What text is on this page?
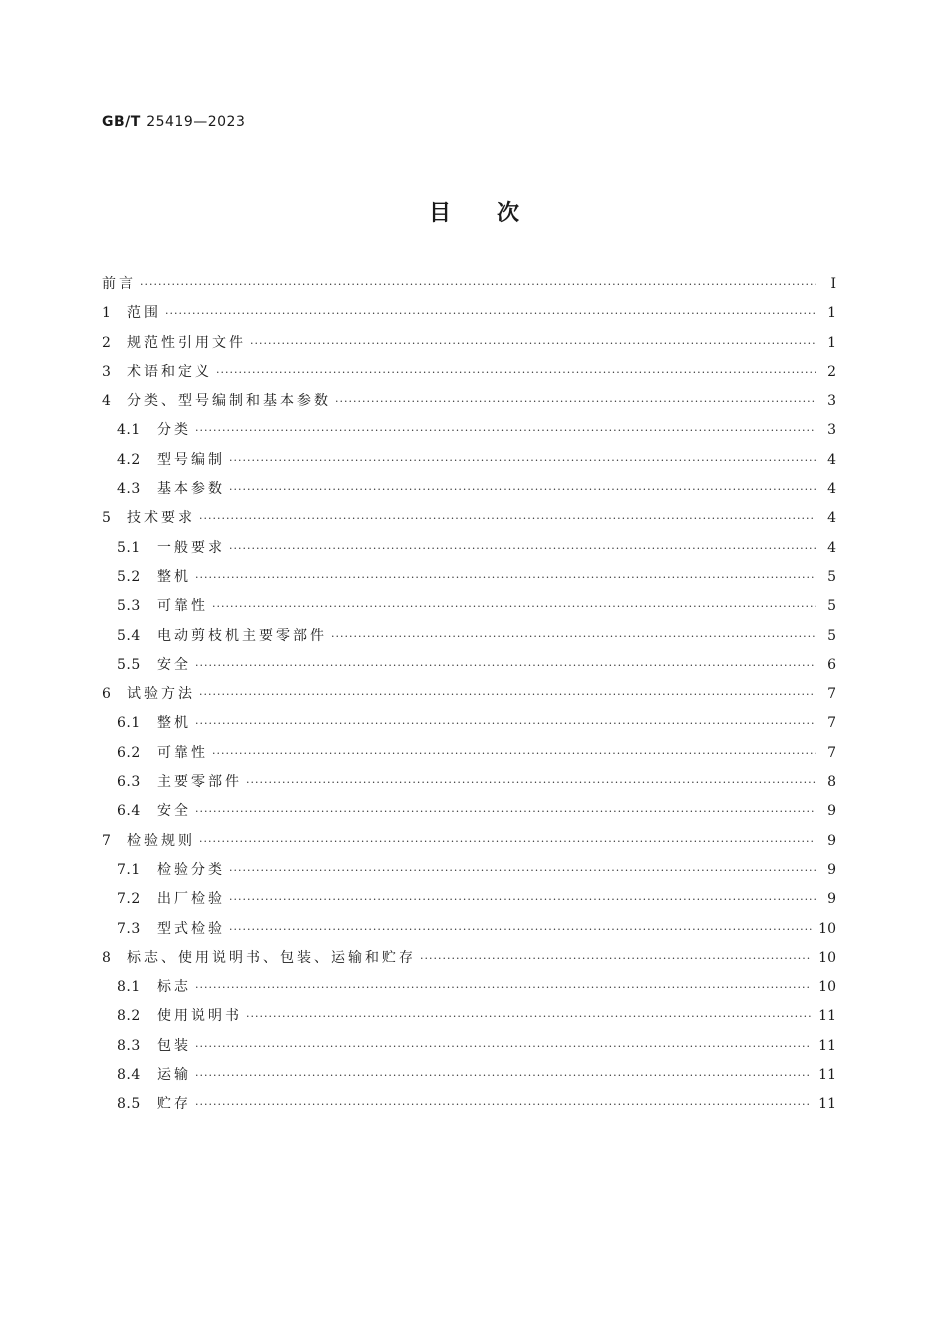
GB/T 25419—2023
目 次
前言 ·····	Ⅰ
1	范围 ·····	1
2	规范性引用文件 ·····	1
3	术语和定义 ·····	2
4	分类、型号编制和基本参数 ·····	3
4.1	分类 ·····	3
4.2	型号编制 ·····	4
4.3	基本参数 ·····	4
5	技术要求 ·····	4
5.1	一般要求 ·····	4
5.2	整机 ·····	5
5.3	可靠性 ·····	5
5.4	电动剪枝机主要零部件 ·····	5
5.5	安全 ·····	6
6	试验方法 ·····	7
6.1	整机 ·····	7
6.2	可靠性 ·····	7
6.3	主要零部件 ·····	8
6.4	安全 ·····	9
7	检验规则 ·····	9
7.1	检验分类 ·····	9
7.2	出厂检验 ·····	9
7.3	型式检验 ·····	10
8	标志、使用说明书、包装、运输和贮存 ·····	10
8.1	标志 ·····	10
8.2	使用说明书 ·····	11
8.3	包装 ·····	11
8.4	运输 ·····	11
8.5	贮存 ·····	11
